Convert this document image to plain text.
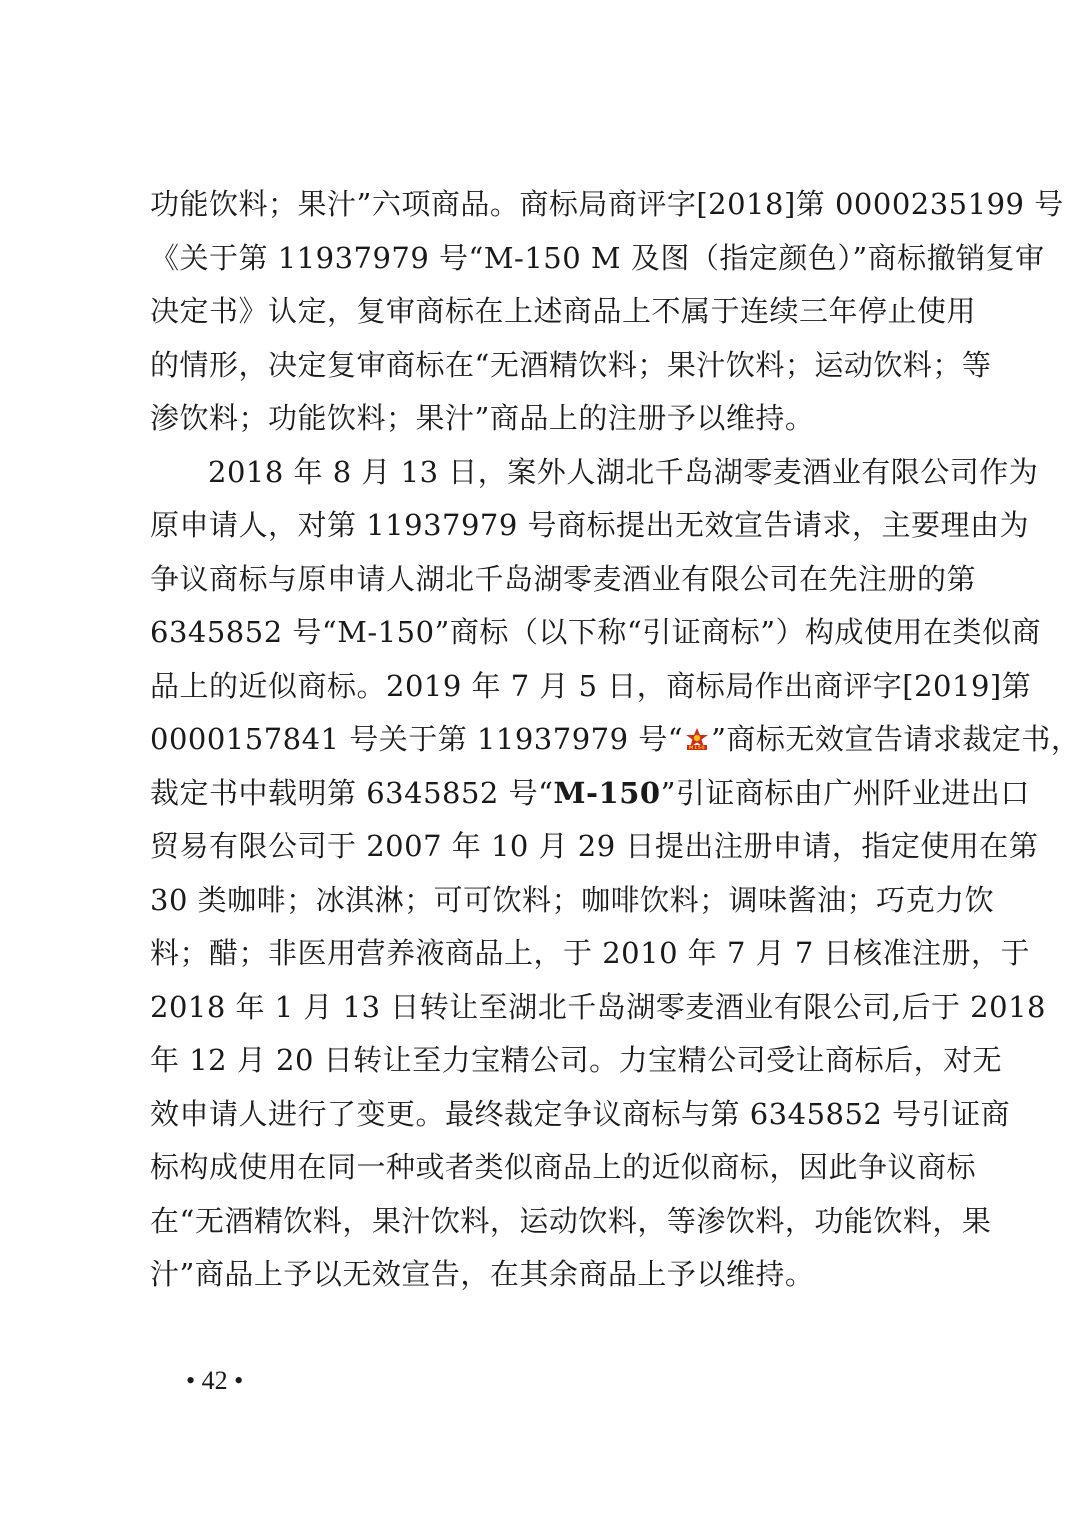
功能饮料；果汁”六项商品。商标局商评字[2018]第 0000235199 号
《关于第 11937979 号“M-150 M 及图（指定颜色）”商标撤销复审
决定书》认定，复审商标在上述商品上不属于连续三年停止使用
的情形，决定复审商标在“无酒精饮料；果汁饮料；运动饮料；等
渗饮料；功能饮料；果汁”商品上的注册予以维持。
2018 年 8 月 13 日，案外人湖北千岛湖零麦酒业有限公司作为
原申请人，对第 11937979 号商标提出无效宣告请求，主要理由为
争议商标与原申请人湖北千岛湖零麦酒业有限公司在先注册的第
6345852 号“M-150”商标（以下称“引证商标”）构成使用在类似商
品上的近似商标。2019 年 7 月 5 日，商标局作出商评字[2019]第
0000157841 号关于第 11937979 号“ M150 ”商标无效宣告请求裁定书，
裁定书中载明第 6345852 号“M-150”引证商标由广州阡业进出口
贸易有限公司于 2007 年 10 月 29 日提出注册申请，指定使用在第
30 类咖啡；冰淇淋；可可饮料；咖啡饮料；调味酱油；巧克力饮
料；醋；非医用营养液商品上，于 2010 年 7 月 7 日核准注册，于
2018 年 1 月 13 日转让至湖北千岛湖零麦酒业有限公司,后于 2018
年 12 月 20 日转让至力宝精公司。力宝精公司受让商标后，对无
效申请人进行了变更。最终裁定争议商标与第 6345852 号引证商
标构成使用在同一种或者类似商品上的近似商标，因此争议商标
在“无酒精饮料，果汁饮料，运动饮料，等渗饮料，功能饮料，果
汁”商品上予以无效宣告，在其余商品上予以维持。
• 42 •
